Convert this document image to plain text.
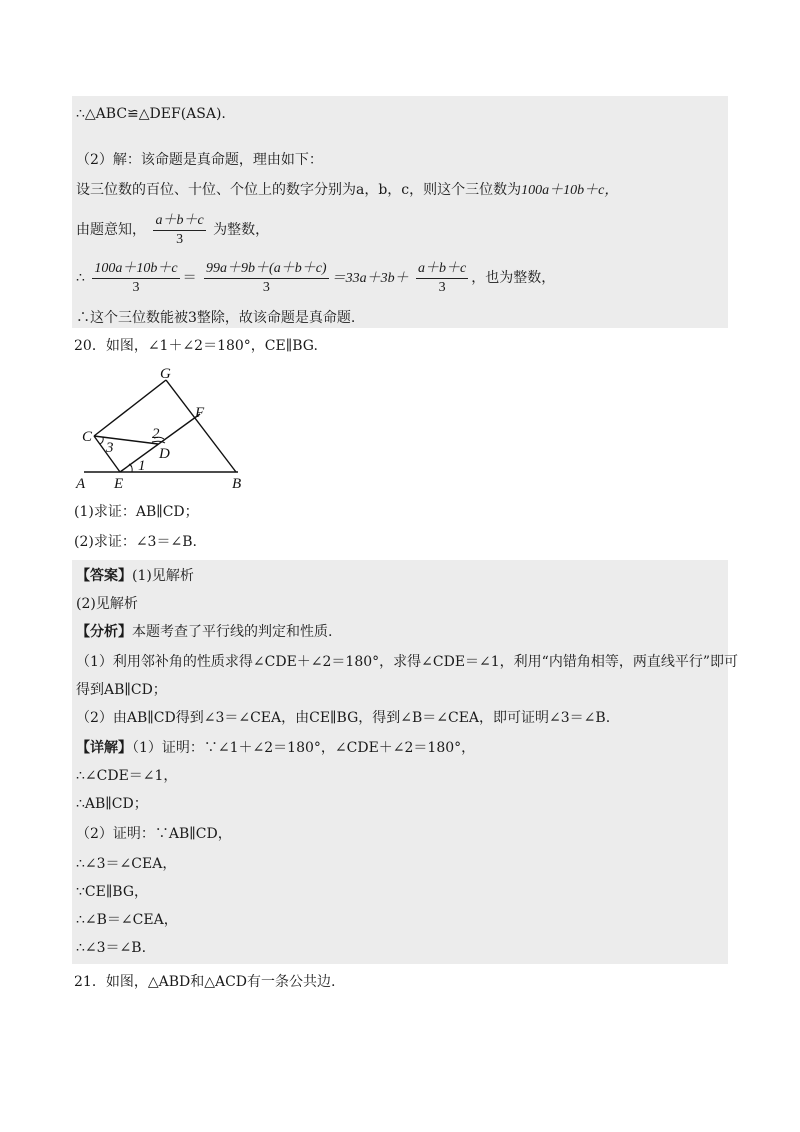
∴△ABC≌△DEF(ASA).
（2）解：该命题是真命题，理由如下：
设三位数的百位、十位、个位上的数字分别为a，b，c，则这个三位数为100a＋10b＋c，
由题意知， $\frac{a+b+c}{3}$ 为整数，
∴ $\frac{100a+10b+c}{3} = \frac{99a+9b+(a+b+c)}{3} =33a+3b+ \frac{a+b+c}{3}$ ，也为整数，
∴这个三位数能被3整除，故该命题是真命题.
20．如图，∠1＋∠2＝180°，CE∥BG.
G
F
C	2
3	D
1
A E	B
(1)求证：AB∥CD；
(2)求证：∠3＝∠B.
【答案】(1)见解析
(2)见解析
【分析】本题考查了平行线的判定和性质.
（1）利用邻补角的性质求得∠CDE＋∠2＝180°，求得∠CDE＝∠1，利用“内错角相等，两直线平行”即可
得到AB∥CD；
（2）由AB∥CD得到∠3＝∠CEA，由CE∥BG，得到∠B＝∠CEA，即可证明∠3＝∠B.
【详解】（1）证明：∵∠1＋∠2＝180°，∠CDE＋∠2＝180°，
∴∠CDE＝∠1，
∴AB∥CD；
（2）证明：∵AB∥CD，
∴∠3＝∠CEA，
∵CE∥BG，
∴∠B＝∠CEA，
∴∠3＝∠B.
21．如图，△ABD和△ACD有一条公共边.
